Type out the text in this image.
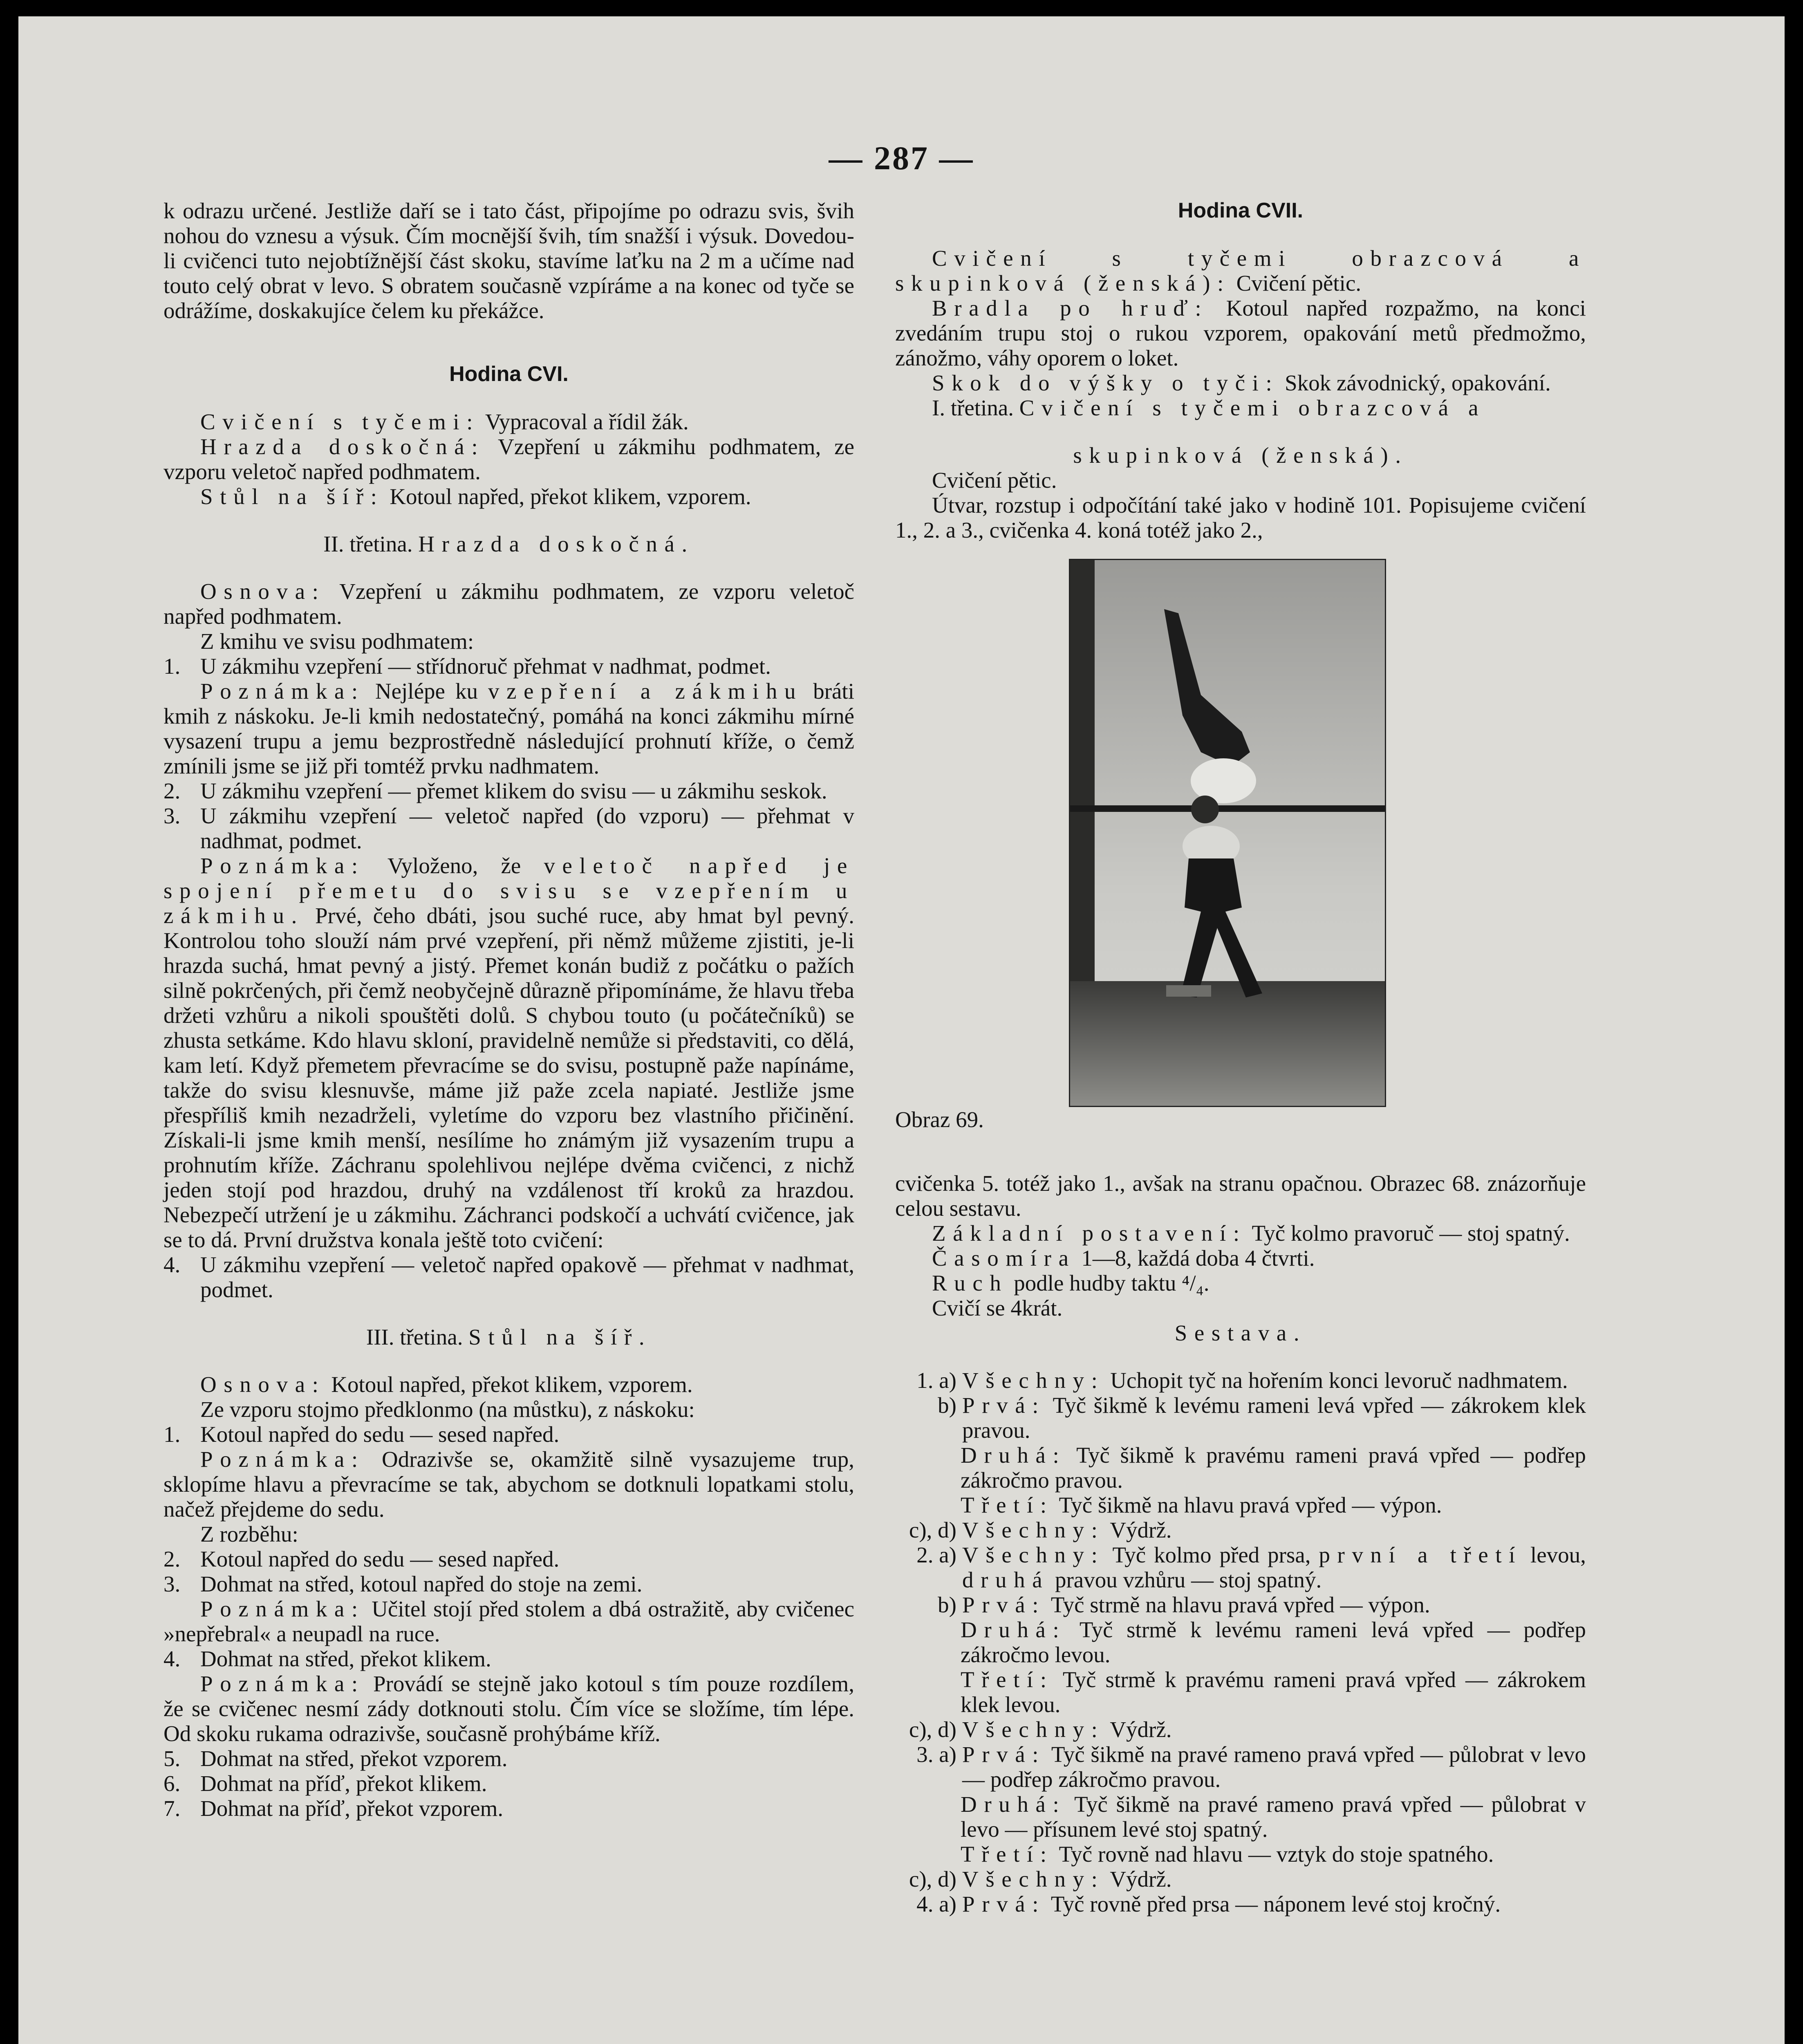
— 287 —

k odrazu určené. Jestliže daří se i tato část, připojíme po odrazu svis, švih nohou do vznesu a výsuk. Čím mocnější švih, tím snažší i výsuk. Dovedou-li cvičenci tuto nejobtížnější část skoku, stavíme laťku na 2 m a učíme nad touto celý obrat v levo. S obratem současně vzpíráme a na konec od tyče se odrážíme, doskakujíce čelem ku překážce.

Hodina CVI.

Cvičení s tyčemi: Vypracoval a řídil žák.

Hrazda doskočná: Vzepření u zákmihu podhmatem, ze vzporu veletoč napřed podhmatem.

Stůl na šíř: Kotoul napřed, překot klikem, vzporem.

II. třetina. Hrazda doskočná.

Osnova: Vzepření u zákmihu podhmatem, ze vzporu veletoč napřed podhmatem.

Z kmihu ve svisu podhmatem:

1. U zákmihu vzepření — střídnoruč přehmat v nadhmat, podmet.

Poznámka: Nejlépe ku vzepření a zákmihu bráti kmih z náskoku. Je-li kmih nedostatečný, pomáhá na konci zákmihu mírné vysazení trupu a jemu bezprostředně následující prohnutí kříže, o čemž zmínili jsme se již při tomtéž prvku nadhmatem.

2. U zákmihu vzepření — přemet klikem do svisu — u zákmihu seskok.
3. U zákmihu vzepření — veletoč napřed (do vzporu) — přehmat v nadhmat, podmet.

Poznámka: Vyloženo, že veletoč napřed je spojení přemetu do svisu se vzepřením u zákmihu. Prvé, čeho dbáti, jsou suché ruce, aby hmat byl pevný. Kontrolou toho slouží nám prvé vzepření, při němž můžeme zjistiti, je-li hrazda suchá, hmat pevný a jistý. Přemet konán budiž z počátku o pažích silně pokrčených, při čemž neobyčejně důrazně připomínáme, že hlavu třeba držeti vzhůru a nikoli spouštěti dolů. S chybou touto (u počátečníků) se zhusta setkáme. Kdo hlavu skloní, pravidelně nemůže si představiti, co dělá, kam letí. Když přemetem převracíme se do svisu, postupně paže napínáme, takže do svisu klesnuvše, máme již paže zcela napiaté. Jestliže jsme přespříliš kmih nezadrželi, vyletíme do vzporu bez vlastního přičinění. Získali-li jsme kmih menší, nesílíme ho známým již vysazením trupu a prohnutím kříže. Záchranu spolehlivou nejlépe dvěma cvičenci, z nichž jeden stojí pod hrazdou, druhý na vzdálenost tří kroků za hrazdou. Nebezpečí utržení je u zákmihu. Záchranci podskočí a uchvátí cvičence, jak se to dá. První družstva konala ještě toto cvičení:

4. U zákmihu vzepření — veletoč napřed opakově — přehmat v nadhmat, podmet.

III. třetina. Stůl na šíř.

Osnova: Kotoul napřed, překot klikem, vzporem.

Ze vzporu stojmo předklonmo (na můstku), z náskoku:

1. Kotoul napřed do sedu — sesed napřed.

Poznámka: Odrazivše se, okamžitě silně vysazujeme trup, sklopíme hlavu a převracíme se tak, abychom se dotknuli lopatkami stolu, načež přejdeme do sedu.

Z rozběhu:

2. Kotoul napřed do sedu — sesed napřed.
3. Dohmat na střed, kotoul napřed do stoje na zemi.

Poznámka: Učitel stojí před stolem a dbá ostražitě, aby cvičenec »nepřebral« a neupadl na ruce.

4. Dohmat na střed, překot klikem.

Poznámka: Provádí se stejně jako kotoul s tím pouze rozdílem, že se cvičenec nesmí zády dotknouti stolu. Čím více se složíme, tím lépe. Od skoku rukama odrazivše, současně prohýbáme kříž.

5. Dohmat na střed, překot vzporem.
6. Dohmat na příď, překot klikem.
7. Dohmat na příď, překot vzporem.

Hodina CVII.

Cvičení s tyčemi obrazcová a skupinková (ženská): Cvičení pětic.

Bradla po hruď: Kotoul napřed rozpažmo, na konci zvedáním trupu stoj o rukou vzporem, opakování metů předmožmo, zánožmo, váhy oporem o loket.

Skok do výšky o tyči: Skok závodnický, opakování.

I. třetina. Cvičení s tyčemi obrazcová a

skupinková (ženská).

Cvičení pětic.

Útvar, rozstup i odpočítání také jako v hodině 101. Popisujeme cvičení 1., 2. a 3., cvičenka 4. koná totéž jako 2.,

Obraz 69.

cvičenka 5. totéž jako 1., avšak na stranu opačnou. Obrazec 68. znázorňuje celou sestavu.

Základní postavení: Tyč kolmo pravoruč — stoj spatný.

Časomíra 1—8, každá doba 4 čtvrti.

Ruch podle hudby taktu ⁴/₄.

Cvičí se 4krát.

Sestava.

1. a) Všechny: Uchopit tyč na hořením konci levoruč nadhmatem.
b) Prvá: Tyč šikmě k levému rameni levá vpřed — zákrokem klek pravou.

Druhá: Tyč šikmě k pravému rameni pravá vpřed — podřep zákročmo pravou.

Třetí: Tyč šikmě na hlavu pravá vpřed — výpon.

c), d) Všechny: Výdrž.
2. a) Všechny: Tyč kolmo před prsa, první a třetí levou, druhá pravou vzhůru — stoj spatný.
b) Prvá: Tyč strmě na hlavu pravá vpřed — výpon.

Druhá: Tyč strmě k levému rameni levá vpřed — podřep zákročmo levou.

Třetí: Tyč strmě k pravému rameni pravá vpřed — zákrokem klek levou.

c), d) Všechny: Výdrž.
3. a) Prvá: Tyč šikmě na pravé rameno pravá vpřed — půlobrat v levo — podřep zákročmo pravou.

Druhá: Tyč šikmě na pravé rameno pravá vpřed — půlobrat v levo — přísunem levé stoj spatný.

Třetí: Tyč rovně nad hlavu — vztyk do stoje spatného.

c), d) Všechny: Výdrž.
4. a) Prvá: Tyč rovně před prsa — náponem levé stoj kročný.
